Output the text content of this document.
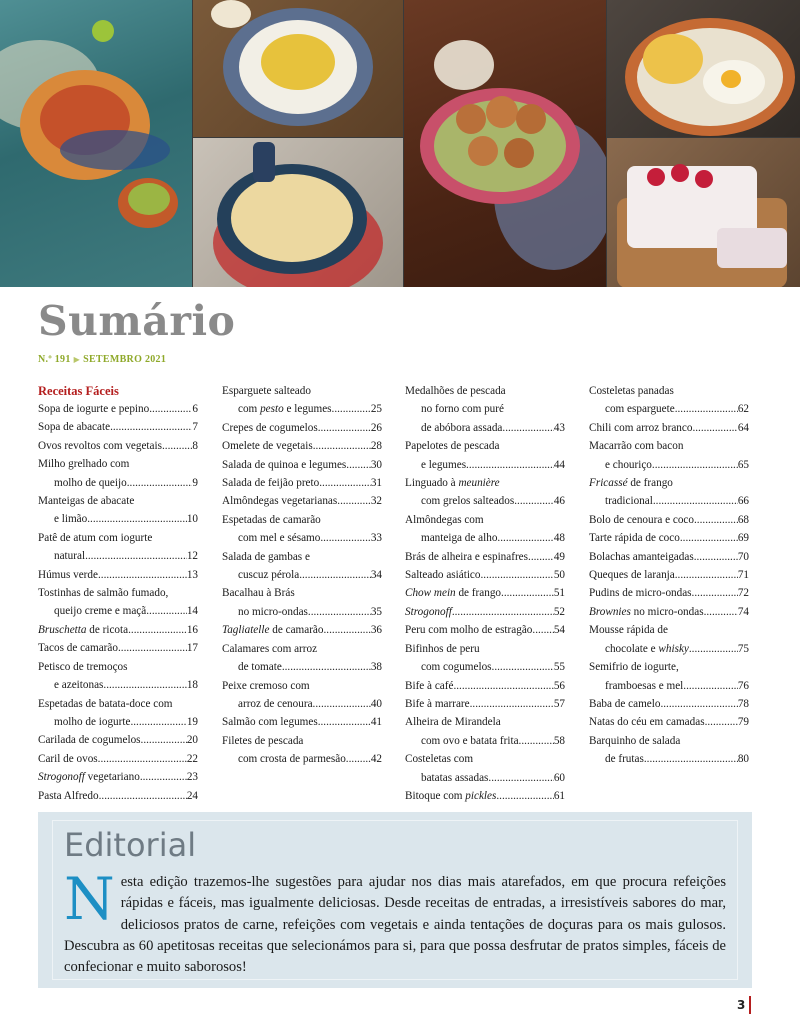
Sumário
N.º 191 ▶ SETEMBRO 2021
Receitas Fáceis
Sopa de iogurte e pepino .....	6
Sopa de abacate .....	7
Ovos revoltos com vegetais .....	8
Milho grelhado com
molho de queijo .....	9
Manteigas de abacate
e limão .....	10
Patê de atum com iogurte
natural .....	12
Húmus verde .....	13
Tostinhas de salmão fumado,
queijo creme e maçã .....	14
Bruschetta de ricota .....	16
Tacos de camarão .....	17
Petisco de tremoços
e azeitonas .....	18
Espetadas de batata-doce com
molho de iogurte .....	19
Carilada de cogumelos .....	20
Caril de ovos .....	22
Strogonoff vegetariano .....	23
Pasta Alfredo .....	24
Esparguete salteado
com pesto e legumes .....	25
Crepes de cogumelos .....	26
Omelete de vegetais .....	28
Salada de quinoa e legumes ..... 30
Salada de feijão preto .....	31
Almôndegas vegetarianas .....	32
Espetadas de camarão
com mel e sésamo .....	33
Salada de gambas e
cuscuz pérola .....	34
Bacalhau à Brás
no micro-ondas .....	35
Tagliatelle de camarão .....	36
Calamares com arroz
de tomate .....	38
Peixe cremoso com
arroz de cenoura .....	40
Salmão com legumes .....	41
Filetes de pescada
com crosta de parmesão ..... 42
Medalhões de pescada
no forno com puré
de abóbora assada .....	43
Papelotes de pescada
e legumes .....	44
Linguado à meunière
com grelos salteados .....	46
Almôndegas com
manteiga de alho .....	48
Brás de alheira e espinafres ..... 49
Salteado asiático .....	50
Chow mein de frango .....	51
Strogonoff .....	52
Peru com molho de estragão ..... 54
Bifinhos de peru
com cogumelos .....	55
Bife à café .....	56
Bife à marrare .....	57
Alheira de Mirandela
com ovo e batata frita .....	58
Costeletas com
batatas assadas .....	60
Bitoque com pickles .....	61
Costeletas panadas
com esparguete .....	62
Chili com arroz branco .....	64
Macarrão com bacon
e chouriço .....	65
Fricassé de frango
tradicional .....	66
Bolo de cenoura e coco .....	68
Tarte rápida de coco .....	69
Bolachas amanteigadas .....	70
Queques de laranja .....	71
Pudins de micro-ondas .....	72
Brownies no micro-ondas .....	74
Mousse rápida de
chocolate e whisky .....	75
Semifrio de iogurte,
framboesas e mel .....	76
Baba de camelo .....	78
Natas do céu em camadas .....	79
Barquinho de salada
de frutas .....	80
Editorial

Nesta edição trazemos-lhe sugestões para ajudar nos dias mais atarefados, em que procura refeições rápidas e fáceis, mas igualmente deliciosas. Desde receitas de entradas, a irresistíveis sabores do mar, deliciosos pratos de carne, refeições com vegetais e ainda tentações de doçuras para os mais gulosos. Descubra as 60 apetitosas receitas que selecionámos para si, para que possa desfrutar de pratos simples, fáceis de confecionar e muito saborosos!

3
